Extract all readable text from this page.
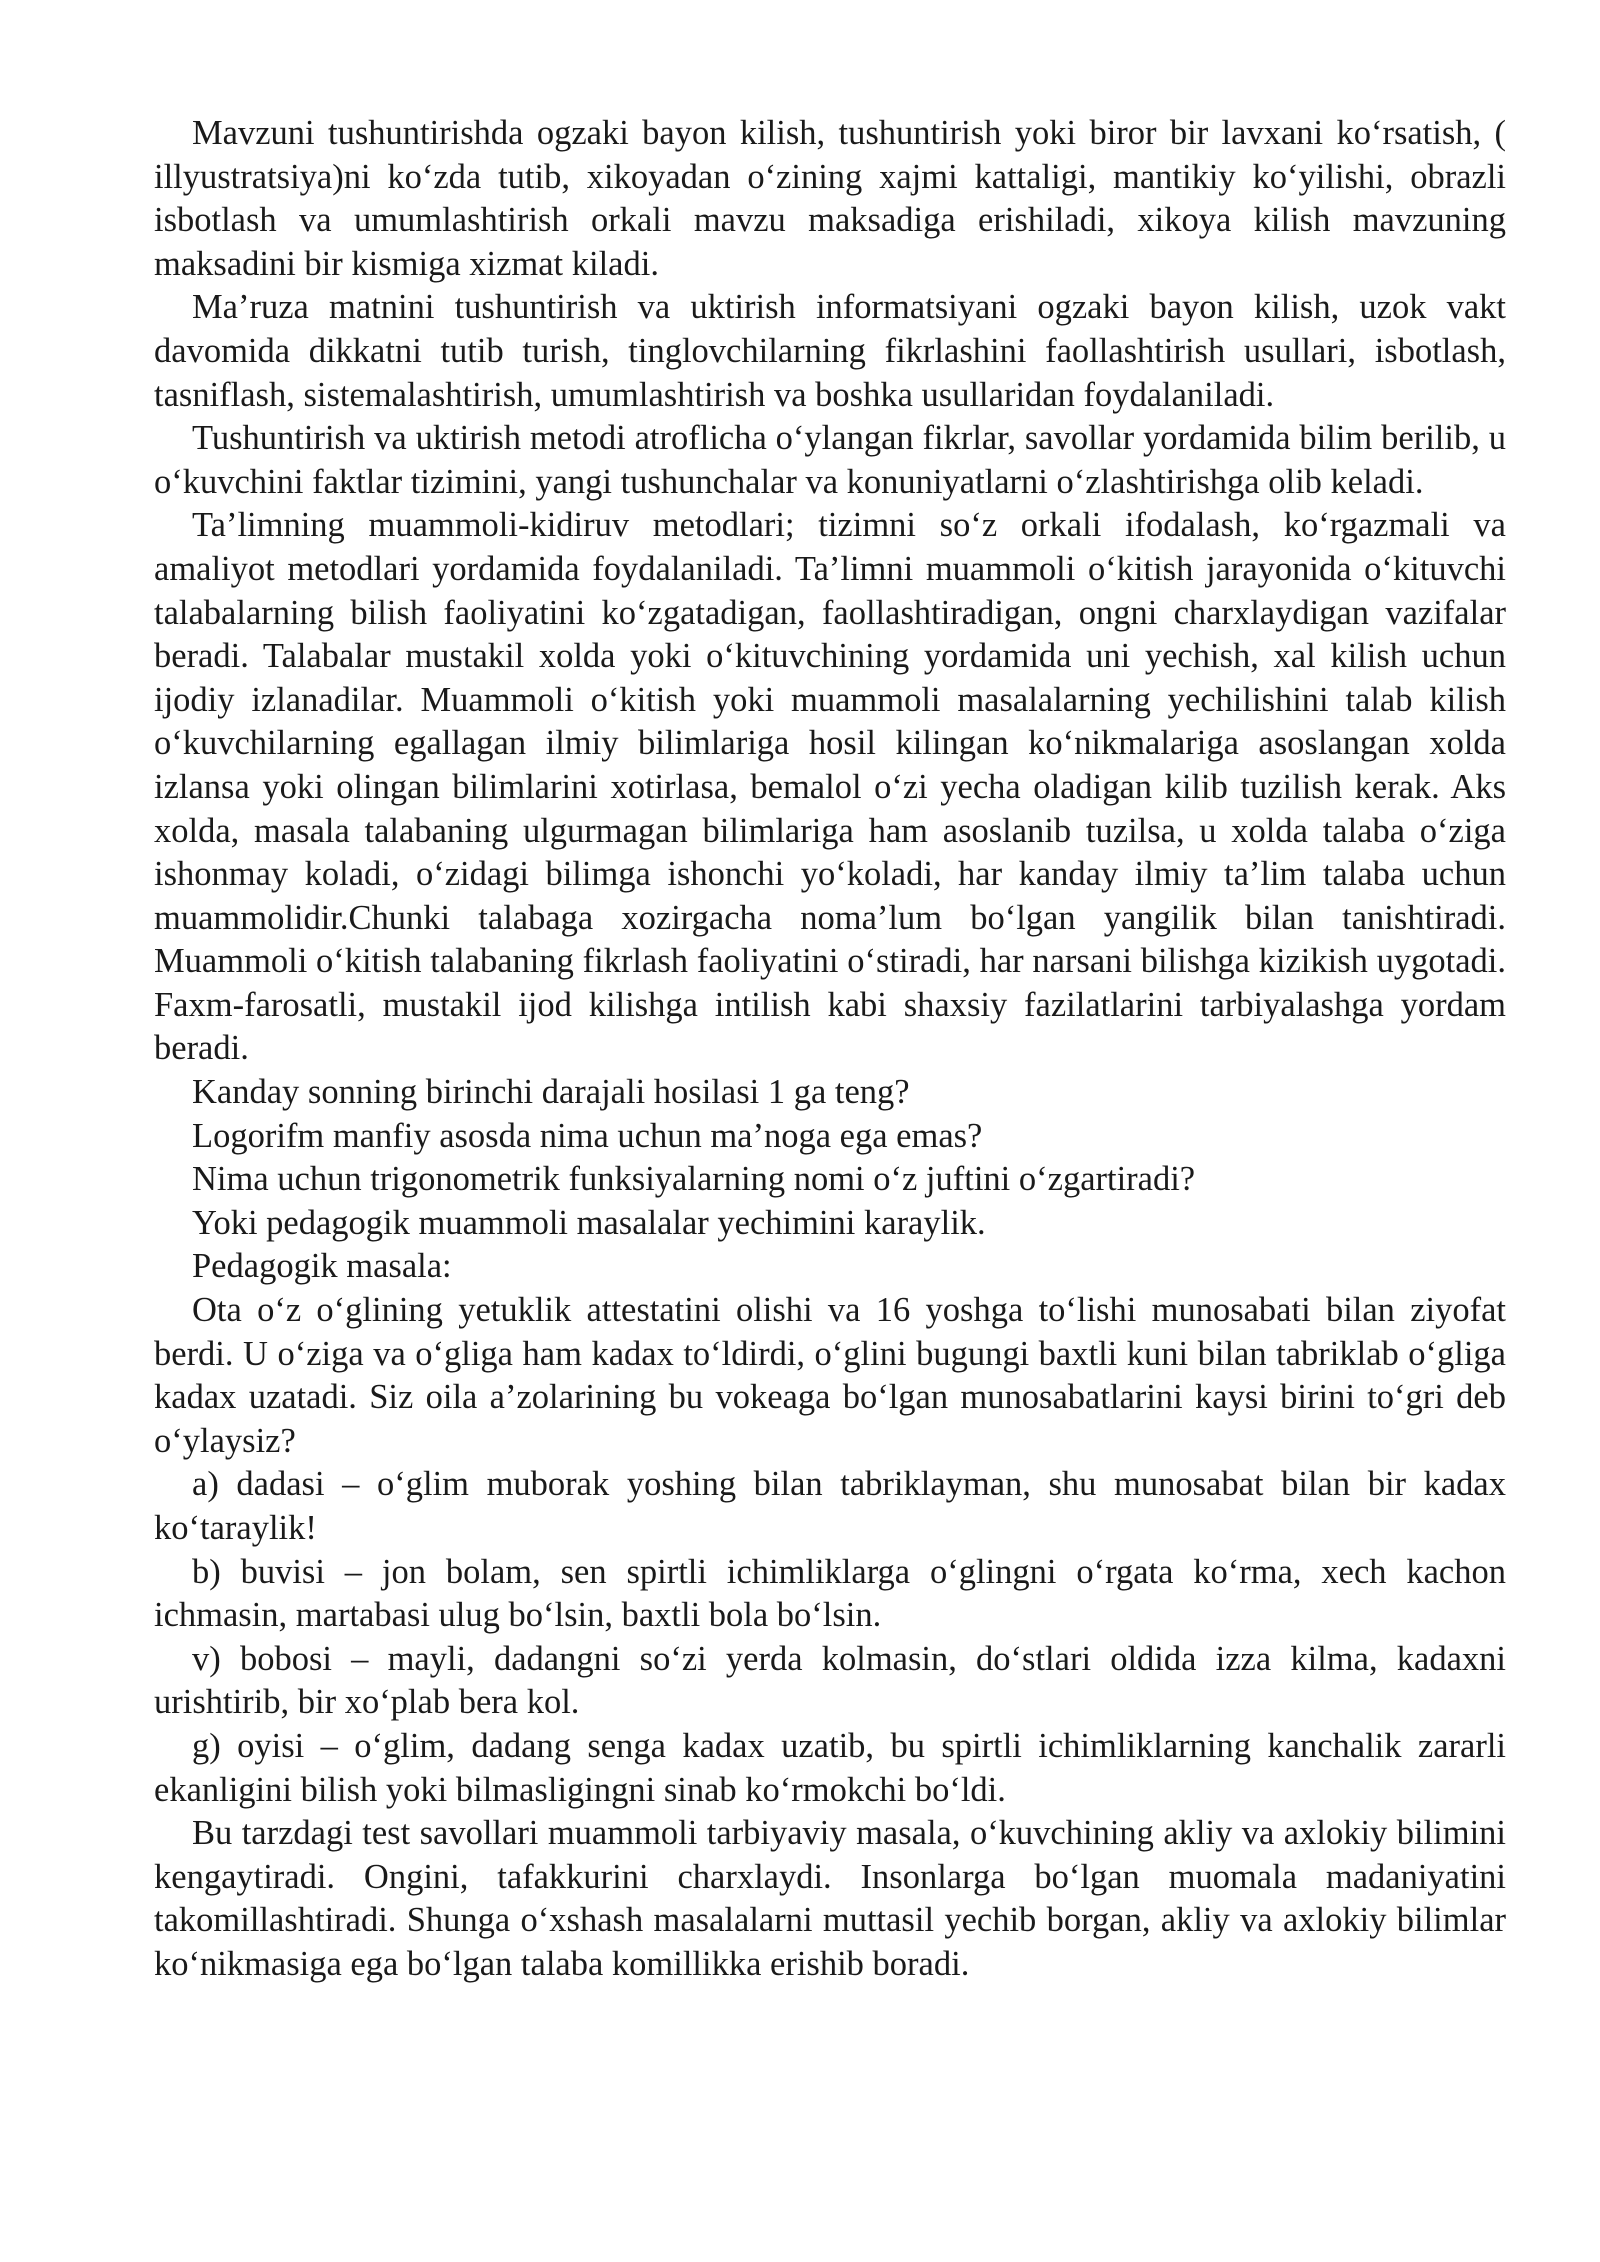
Mavzuni tushuntirishda ogzaki bayon kilish, tushuntirish yoki biror bir lavxani ko‘rsatish, ( illyustratsiya)ni ko‘zda tutib, xikoyadan o‘zining xajmi kattaligi, mantikiy ko‘yilishi, obrazli isbotlash va umumlashtirish orkali mavzu maksadiga erishiladi, xikoya kilish mavzuning maksadini bir kismiga xizmat kiladi.

Ma’ruza matnini tushuntirish va uktirish informatsiyani ogzaki bayon kilish, uzok vakt davomida dikkatni tutib turish, tinglovchilarning fikrlashini faollashtirish usullari, isbotlash, tasniflash, sistemalashtirish, umumlashtirish va boshka usullaridan foydalaniladi.

Tushuntirish va uktirish metodi atroflicha o‘ylangan fikrlar, savollar yordamida bilim berilib, u o‘kuvchini faktlar tizimini, yangi tushunchalar va konuniyatlarni o‘zlashtirishga olib keladi.

Ta’limning muammoli-kidiruv metodlari; tizimni so‘z orkali ifodalash, ko‘rgazmali va amaliyot metodlari yordamida foydalaniladi. Ta’limni muammoli o‘kitish jarayonida o‘kituvchi talabalarning bilish faoliyatini ko‘zgatadigan, faollashtiradigan, ongni charxlaydigan vazifalar beradi. Talabalar mustakil xolda yoki o‘kituvchining yordamida uni yechish, xal kilish uchun ijodiy izlanadilar. Muammoli o‘kitish yoki muammoli masalalarning yechilishini talab kilish o‘kuvchilarning egallagan ilmiy bilimlariga hosil kilingan ko‘nikmalariga asoslangan xolda izlansa yoki olingan bilimlarini xotirlasa, bemalol o‘zi yecha oladigan kilib tuzilish kerak. Aks xolda, masala talabaning ulgurmagan bilimlariga ham asoslanib tuzilsa, u xolda talaba o‘ziga ishonmay koladi, o‘zidagi bilimga ishonchi yo‘koladi, har kanday ilmiy ta’lim talaba uchun muammolidir.Chunki talabaga xozirgacha noma’lum bo‘lgan yangilik bilan tanishtiradi. Muammoli o‘kitish talabaning fikrlash faoliyatini o‘stiradi, har narsani bilishga kizikish uygotadi. Faxm-farosatli, mustakil ijod kilishga intilish kabi shaxsiy fazilatlarini tarbiyalashga yordam beradi.

Kanday sonning birinchi darajali hosilasi 1 ga teng?

Logorifm manfiy asosda nima uchun ma’noga ega emas?

Nima uchun trigonometrik funksiyalarning nomi o‘z juftini o‘zgartiradi?

Yoki pedagogik muammoli masalalar yechimini karaylik.

Pedagogik masala:

Ota o‘z o‘glining yetuklik attestatini olishi va 16 yoshga to‘lishi munosabati bilan ziyofat berdi. U o‘ziga va o‘gliga ham kadax to‘ldirdi, o‘glini bugungi baxtli kuni bilan tabriklab o‘gliga kadax uzatadi. Siz oila a’zolarining bu vokeaga bo‘lgan munosabatlarini kaysi birini to‘gri deb o‘ylaysiz?

a) dadasi – o‘glim muborak yoshing bilan tabriklayman, shu munosabat bilan bir kadax ko‘taraylik!

b) buvisi – jon bolam, sen spirtli ichimliklarga o‘glingni o‘rgata ko‘rma, xech kachon ichmasin, martabasi ulug bo‘lsin, baxtli bola bo‘lsin.

v) bobosi – mayli, dadangni so‘zi yerda kolmasin, do‘stlari oldida izza kilma, kadaxni urishtirib, bir xo‘plab bera kol.

g) oyisi – o‘glim, dadang senga kadax uzatib, bu spirtli ichimliklarning kanchalik zararli ekanligini bilish yoki bilmasligingni sinab ko‘rmokchi bo‘ldi.

Bu tarzdagi test savollari muammoli tarbiyaviy masala, o‘kuvchining akliy va axlokiy bilimini kengaytiradi. Ongini, tafakkurini charxlaydi. Insonlarga bo‘lgan muomala madaniyatini takomillashtiradi. Shunga o‘xshash masalalarni muttasil yechib borgan, akliy va axlokiy bilimlar ko‘nikmasiga ega bo‘lgan talaba komillikka erishib boradi.
